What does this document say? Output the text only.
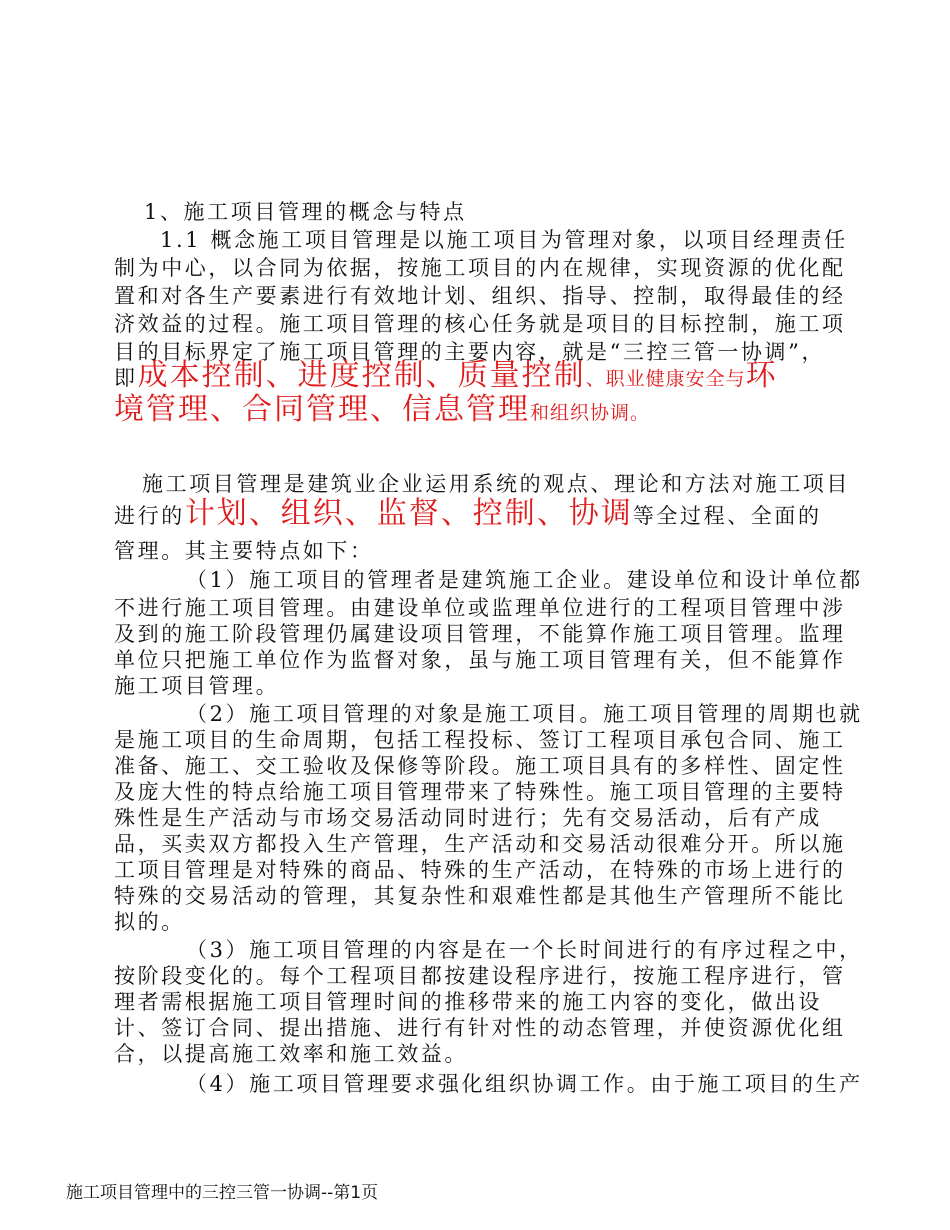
1、施工项目管理的概念与特点
1.1 概念施工项目管理是以施工项目为管理对象，以项目经理责任
制为中心，以合同为依据，按施工项目的内在规律，实现资源的优化配
置和对各生产要素进行有效地计划、组织、指导、控制，取得最佳的经
济效益的过程。施工项目管理的核心任务就是项目的目标控制，施工项
目的目标界定了施工项目管理的主要内容，就是“三控三管一协调”，
即成本控制、进度控制、质量控制、职业健康安全与环
境管理、合同管理、信息管理和组织协调。
施工项目管理是建筑业企业运用系统的观点、理论和方法对施工项目
进行的计划、组织、监督、控制、协调等全过程、全面的
管理。其主要特点如下：
（1）施工项目的管理者是建筑施工企业。建设单位和设计单位都
不进行施工项目管理。由建设单位或监理单位进行的工程项目管理中涉
及到的施工阶段管理仍属建设项目管理，不能算作施工项目管理。监理
单位只把施工单位作为监督对象，虽与施工项目管理有关，但不能算作
施工项目管理。
（2）施工项目管理的对象是施工项目。施工项目管理的周期也就
是施工项目的生命周期，包括工程投标、签订工程项目承包合同、施工
准备、施工、交工验收及保修等阶段。施工项目具有的多样性、固定性
及庞大性的特点给施工项目管理带来了特殊性。施工项目管理的主要特
殊性是生产活动与市场交易活动同时进行；先有交易活动，后有产成
品，买卖双方都投入生产管理，生产活动和交易活动很难分开。所以施
工项目管理是对特殊的商品、特殊的生产活动，在特殊的市场上进行的
特殊的交易活动的管理，其复杂性和艰难性都是其他生产管理所不能比
拟的。
（3）施工项目管理的内容是在一个长时间进行的有序过程之中，
按阶段变化的。每个工程项目都按建设程序进行，按施工程序进行，管
理者需根据施工项目管理时间的推移带来的施工内容的变化，做出设
计、签订合同、提出措施、进行有针对性的动态管理，并使资源优化组
合，以提高施工效率和施工效益。
（4）施工项目管理要求强化组织协调工作。由于施工项目的生产
施工项目管理中的三控三管一协调--第1页
